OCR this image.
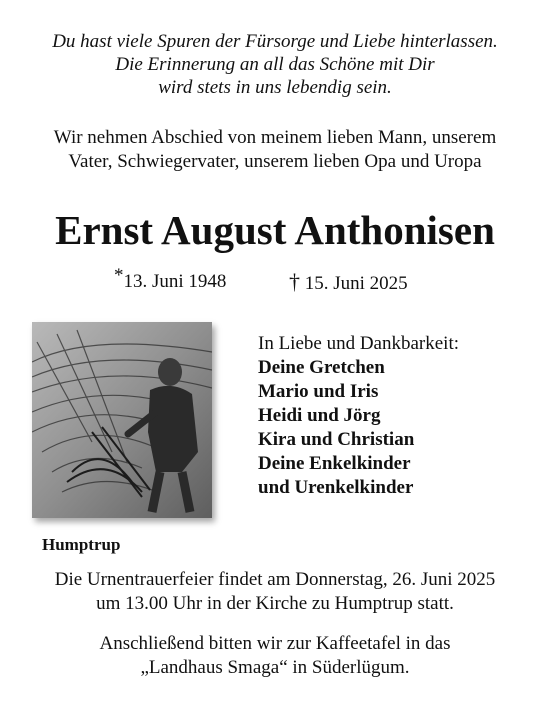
Du hast viele Spuren der Fürsorge und Liebe hinterlassen.
Die Erinnerung an all das Schöne mit Dir
wird stets in uns lebendig sein.
Wir nehmen Abschied von meinem lieben Mann, unserem
Vater, Schwiegervater, unserem lieben Opa und Uropa
Ernst August Anthonisen
*13. Juni 1948	† 15. Juni 2025
In Liebe und Dankbarkeit:
Deine Gretchen
Mario und Iris
Heidi und Jörg
Kira und Christian
Deine Enkelkinder
und Urenkelkinder
Humptrup
Die Urnentrauerfeier findet am Donnerstag, 26. Juni 2025
um 13.00 Uhr in der Kirche zu Humptrup statt.
Anschließend bitten wir zur Kaffeetafel in das
„Landhaus Smaga“ in Süderlügum.
